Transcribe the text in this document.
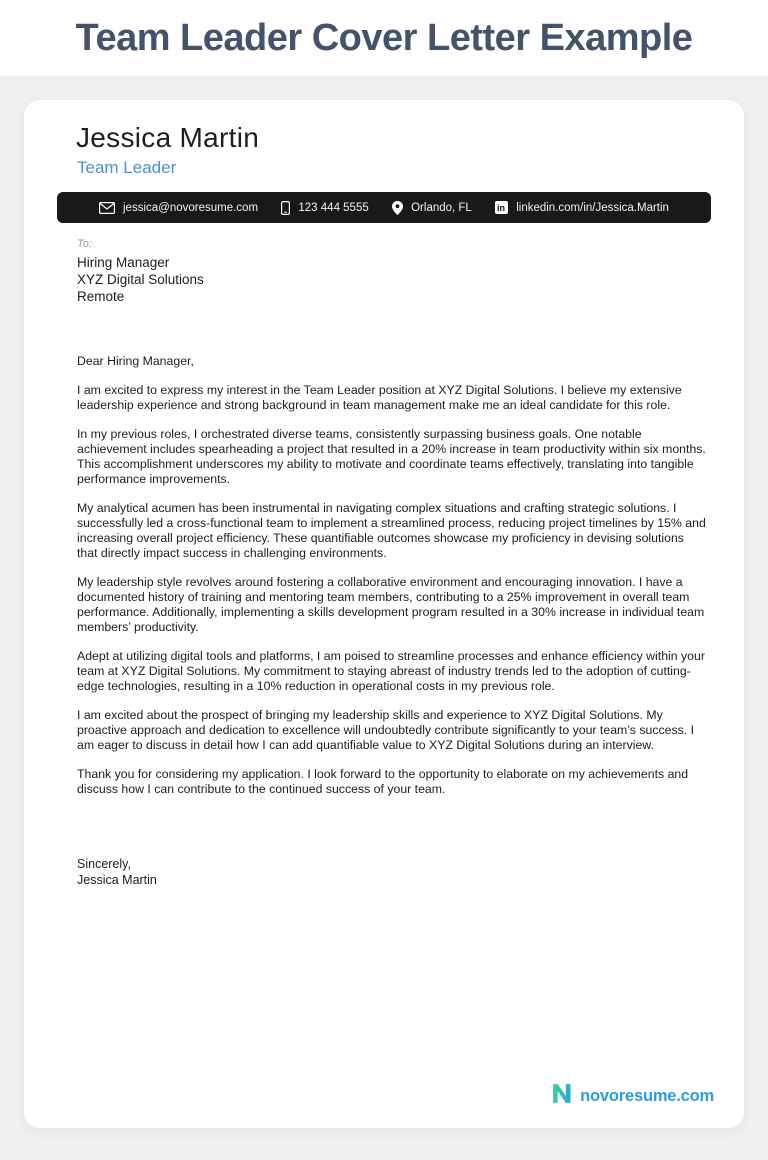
Team Leader Cover Letter Example
Jessica Martin
Team Leader
jessica@novoresume.com	123 444 5555	Orlando, FL	in linkedin.com/in/Jessica.Martin
To:
Hiring Manager
XYZ Digital Solutions
Remote

Dear Hiring Manager,

I am excited to express my interest in the Team Leader position at XYZ Digital Solutions. I believe my extensive leadership experience and strong background in team management make me an ideal candidate for this role.

In my previous roles, I orchestrated diverse teams, consistently surpassing business goals. One notable achievement includes spearheading a project that resulted in a 20% increase in team productivity within six months. This accomplishment underscores my ability to motivate and coordinate teams effectively, translating into tangible performance improvements.

My analytical acumen has been instrumental in navigating complex situations and crafting strategic solutions. I successfully led a cross-functional team to implement a streamlined process, reducing project timelines by 15% and increasing overall project efficiency. These quantifiable outcomes showcase my proficiency in devising solutions that directly impact success in challenging environments.

My leadership style revolves around fostering a collaborative environment and encouraging innovation. I have a documented history of training and mentoring team members, contributing to a 25% improvement in overall team performance. Additionally, implementing a skills development program resulted in a 30% increase in individual team members’ productivity.

Adept at utilizing digital tools and platforms, I am poised to streamline processes and enhance efficiency within your team at XYZ Digital Solutions. My commitment to staying abreast of industry trends led to the adoption of cutting-edge technologies, resulting in a 10% reduction in operational costs in my previous role.

I am excited about the prospect of bringing my leadership skills and experience to XYZ Digital Solutions. My proactive approach and dedication to excellence will undoubtedly contribute significantly to your team’s success. I am eager to discuss in detail how I can add quantifiable value to XYZ Digital Solutions during an interview.

Thank you for considering my application. I look forward to the opportunity to elaborate on my achievements and discuss how I can contribute to the continued success of your team.

Sincerely,
Jessica Martin
novoresume.com
